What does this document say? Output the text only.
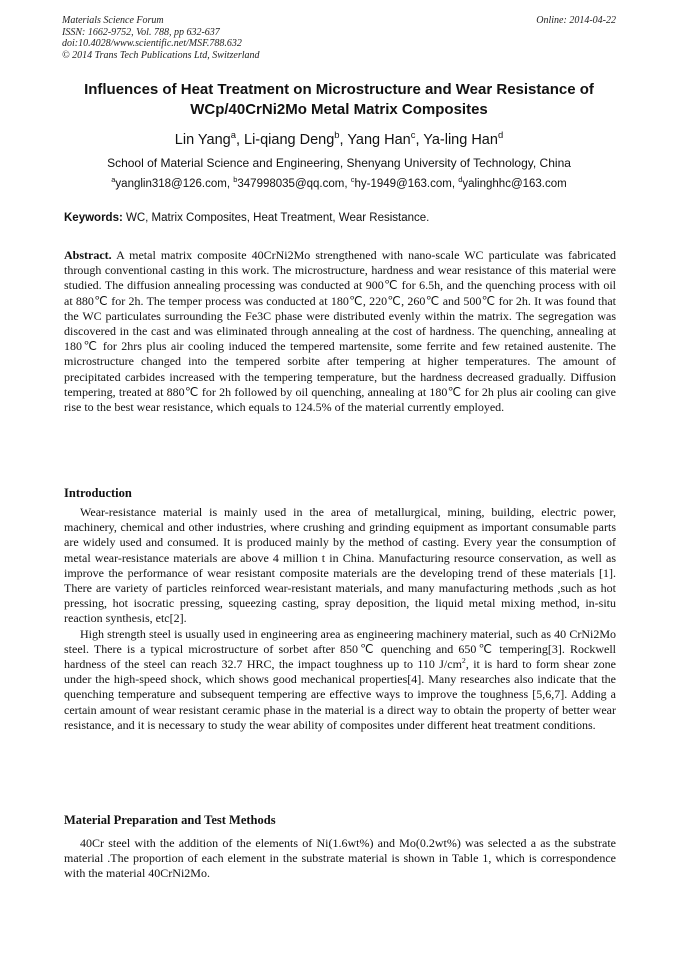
Materials Science Forum
ISSN: 1662-9752, Vol. 788, pp 632-637
doi:10.4028/www.scientific.net/MSF.788.632
© 2014 Trans Tech Publications Ltd, Switzerland
Online: 2014-04-22
Influences of Heat Treatment on Microstructure and Wear Resistance of WCp/40CrNi2Mo Metal Matrix Composites
Lin Yang$^a$, Li-qiang Deng$^b$, Yang Han$^c$, Ya-ling Han$^d$
School of Material Science and Engineering, Shenyang University of Technology, China
$^a$yanglin318@126.com, $^b$347998035@qq.com, $^c$hy-1949@163.com, $^d$yalinghhc@163.com
Keywords: WC, Matrix Composites, Heat Treatment, Wear Resistance.
Abstract. A metal matrix composite 40CrNi2Mo strengthened with nano-scale WC particulate was fabricated through conventional casting in this work. The microstructure, hardness and wear resistance of this material were studied. The diffusion annealing processing was conducted at 900℃ for 6.5h, and the quenching process with oil at 880℃ for 2h. The temper process was conducted at 180℃, 220℃, 260℃ and 500℃ for 2h. It was found that the WC particulates surrounding the Fe3C phase were distributed evenly within the matrix. The segregation was discovered in the cast and was eliminated through annealing at the cost of hardness. The quenching, annealing at 180℃ for 2hrs plus air cooling induced the tempered martensite, some ferrite and few retained austenite. The microstructure changed into the tempered sorbite after tempering at higher temperatures. The amount of precipitated carbides increased with the tempering temperature, but the hardness decreased gradually. Diffusion tempering, treated at 880℃ for 2h followed by oil quenching, annealing at 180℃ for 2h plus air cooling can give rise to the best wear resistance, which equals to 124.5% of the material currently employed.
Introduction

Wear-resistance material is mainly used in the area of metallurgical, mining, building, electric power, machinery, chemical and other industries, where crushing and grinding equipment as important consumable parts are widely used and consumed. It is produced mainly by the method of casting. Every year the consumption of metal wear-resistance materials are above 4 million t in China. Manufacturing resource conservation, as well as improve the performance of wear resistant composite materials are the developing trend of these materials [1]. There are variety of particles reinforced wear-resistant materials, and many manufacturing methods ,such as hot pressing, hot isocratic pressing, squeezing casting, spray deposition, the liquid metal mixing method, in-situ reaction synthesis, etc[2].

High strength steel is usually used in engineering area as engineering machinery material, such as 40 CrNi2Mo steel. There is a typical microstructure of sorbet after 850℃ quenching and 650℃ tempering[3]. Rockwell hardness of the steel can reach 32.7 HRC, the impact toughness up to 110 $J/cm^2$, it is hard to form shear zone under the high-speed shock, which shows good mechanical properties[4]. Many researches also indicate that the quenching temperature and subsequent tempering are effective ways to improve the toughness [5,6,7]. Adding a certain amount of wear resistant ceramic phase in the material is a direct way to obtain the property of better wear resistance, and it is necessary to study the wear ability of composites under different heat treatment conditions.

Material Preparation and Test Methods

40Cr steel with the addition of the elements of Ni(1.6wt%) and Mo(0.2wt%) was selected a as the substrate material .The proportion of each element in the substrate material is shown in Table 1, which is correspondence with the material 40CrNi2Mo.
